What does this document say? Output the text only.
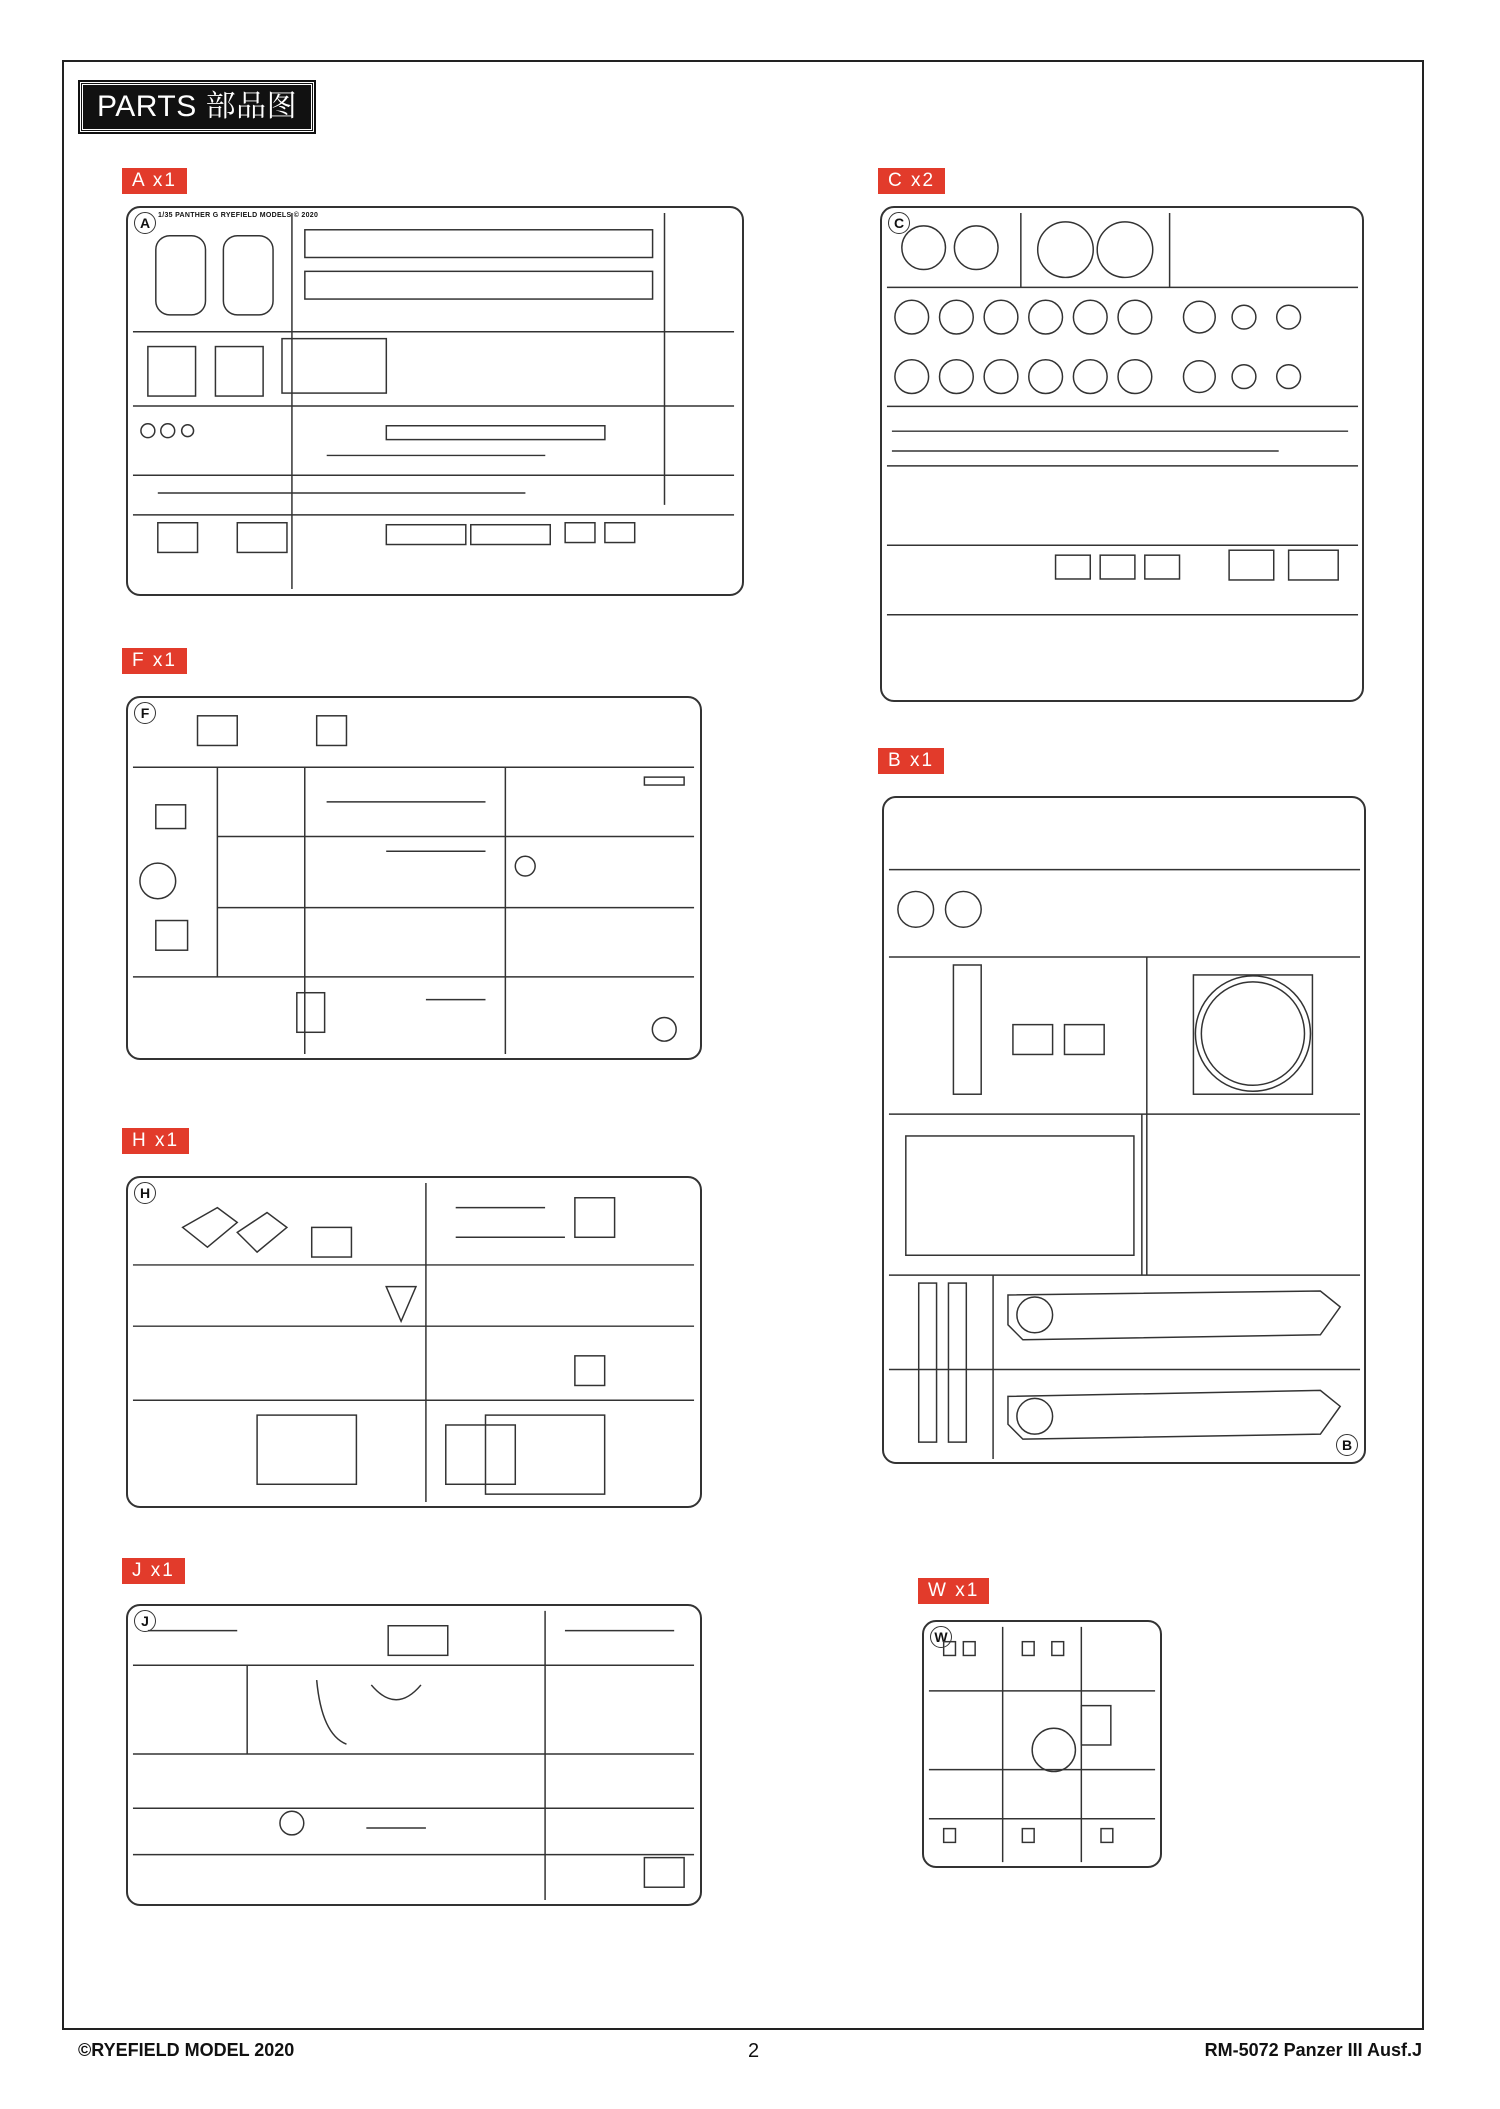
PARTS 部品图
A x1
A	1/35 PANTHER G RYEFIELD MODELS © 2020
C x2
C
F x1
F
B x1
B
H x1
H
J x1
J
W x1
W
©RYEFIELD MODEL 2020	2	RM-5072 Panzer III Ausf.J
